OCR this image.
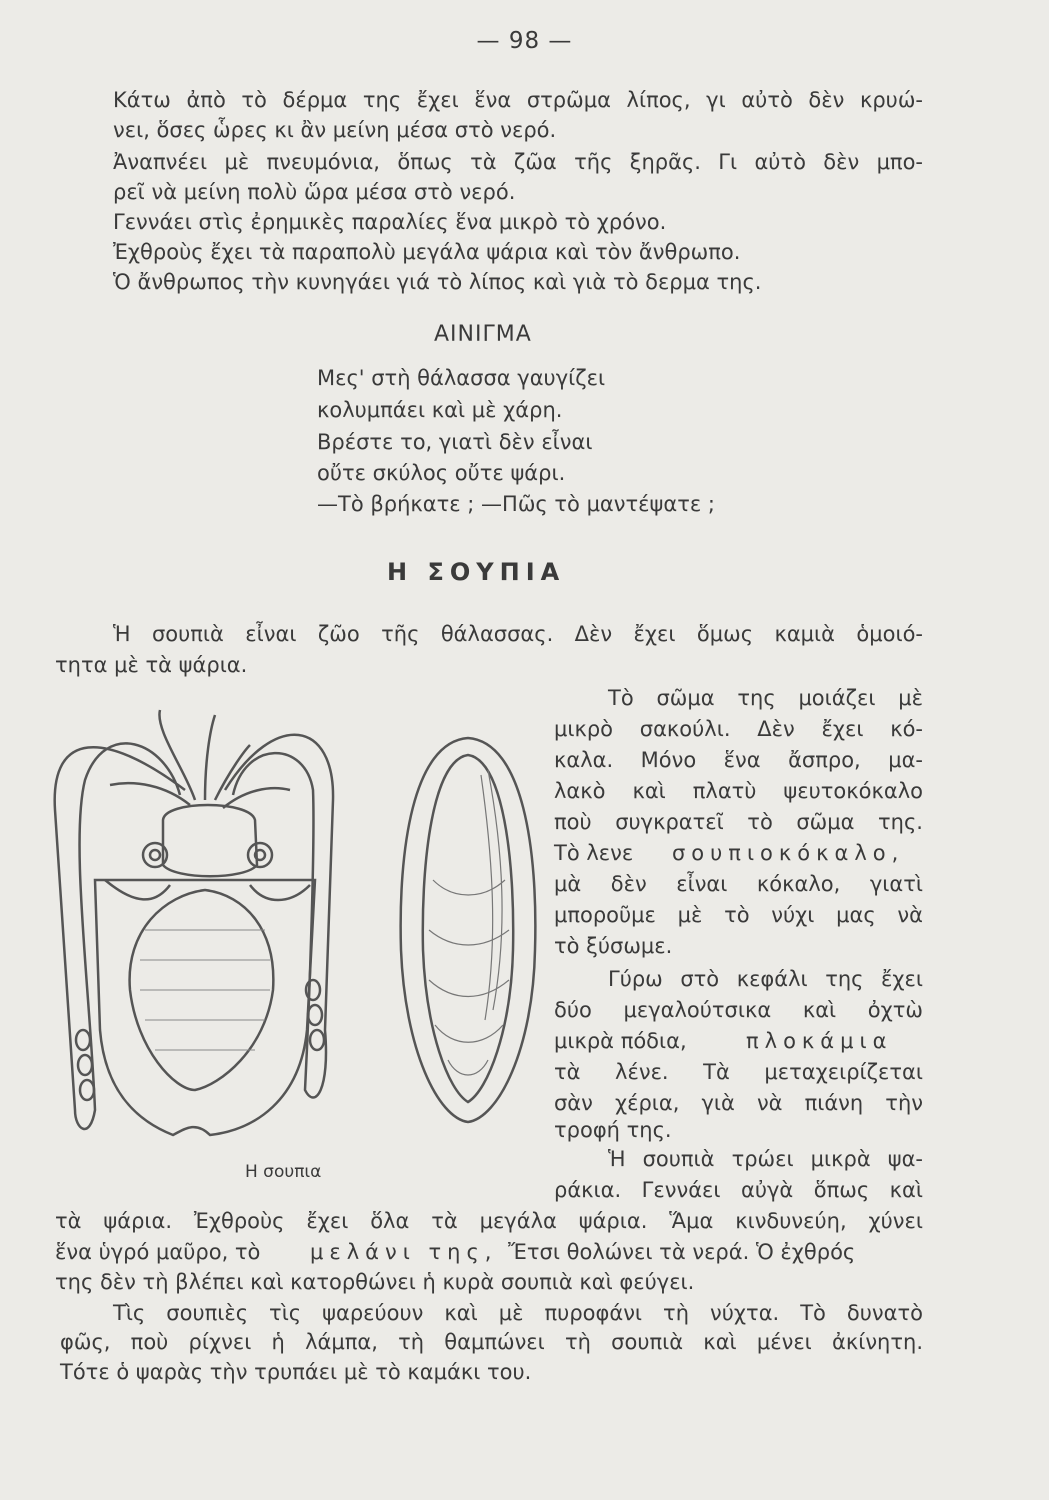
— 98 —
Κάτω ἀπὸ τὸ δέρμα της ἔχει ἕνα στρῶμα λίπος, γι αὐτὸ δὲν κρυώ-
νει, ὅσες ὧρες κι ἂν μείνη μέσα στὸ νερό.
Ἀναπνέει μὲ πνευμόνια, ὅπως τὰ ζῶα τῆς ξηρᾶς. Γι αὐτὸ δὲν μπο-
ρεῖ νὰ μείνη πολὺ ὥρα μέσα στὸ νερό.
Γεννάει στὶς ἐρημικὲς παραλίες ἕνα μικρὸ τὸ χρόνο.
Ἐχθροὺς ἔχει τὰ παραπολὺ μεγάλα ψάρια καὶ τὸν ἄνθρωπο.
Ὁ ἄνθρωπος τὴν κυνηγάει γιά τὸ λίπος καὶ γιὰ τὸ δερμα της.
ΑΙΝΙΓΜΑ
Μες' στὴ θάλασσα γαυγίζει
κολυμπάει καὶ μὲ χάρη.
Βρέστε το, γιατὶ δὲν εἶναι
οὔτε σκύλος οὔτε ψάρι.
—Τὸ βρήκατε ; —Πῶς τὸ μαντέψατε ;
Η ΣΟΥΠΙΑ
Ἡ σουπιὰ εἶναι ζῶο τῆς θάλασσας. Δὲν ἔχει ὅμως καμιὰ ὁμοιό-
τητα μὲ τὰ ψάρια.
Τὸ σῶμα της μοιάζει μὲ
μικρὸ σακούλι. Δὲν ἔχει κό-
καλα. Μόνο ἕνα ἄσπρο, μα-
λακὸ καὶ πλατὺ ψευτοκόκαλο
ποὺ συγκρατεῖ τὸ σῶμα της.
Τὸ λενε σουπιοκόκαλο,
μὰ δὲν εἶναι κόκαλο, γιατὶ
μποροῦμε μὲ τὸ νύχι μας νὰ
τὸ ξύσωμε.
Γύρω στὸ κεφάλι της ἔχει
δύο μεγαλούτσικα καὶ ὀχτὼ
μικρὰ πόδια,	πλοκάμια
τὰ λένε. Τὰ μεταχειρίζεται
σὰν χέρια, γιὰ νὰ πιάνη τὴν
τροφή της.
Ἡ σουπιὰ τρώει μικρὰ ψα-
ράκια. Γεννάει αὐγὰ ὅπως καὶ
Η σουπια
τὰ ψάρια. Ἐχθροὺς ἔχει ὅλα τὰ μεγάλα ψάρια. Ἅμα κινδυνεύη, χύνει
ἕνα ὑγρό μαῦρο, τὸ μελάνι της, Ἔτσι θολώνει τὰ νερά. Ὁ ἐχθρός
της δὲν τὴ βλέπει καὶ κατορθώνει ἡ κυρὰ σουπιὰ καὶ φεύγει.
Τὶς σουπιὲς τὶς ψαρεύουν καὶ μὲ πυροφάνι τὴ νύχτα. Τὸ δυνατὸ
φῶς, ποὺ ρίχνει ἡ λάμπα, τὴ θαμπώνει τὴ σουπιὰ καὶ μένει ἀκίνητη.
Τότε ὁ ψαρὰς τὴν τρυπάει μὲ τὸ καμάκι του.
